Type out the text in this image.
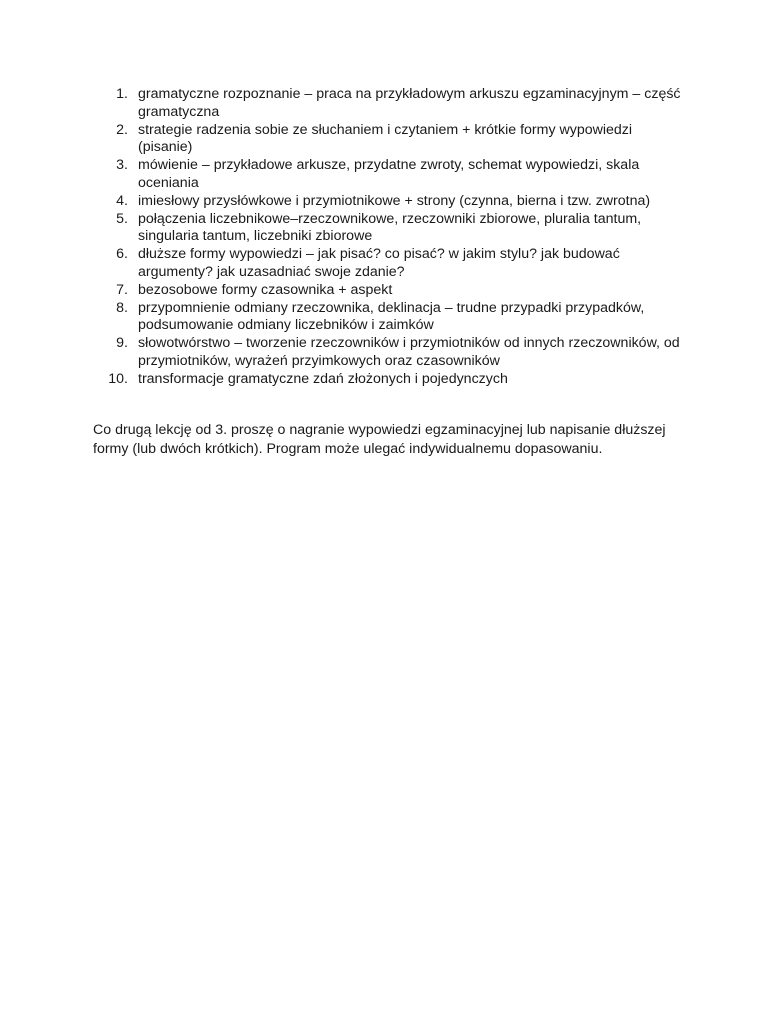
1. gramatyczne rozpoznanie – praca na przykładowym arkuszu egzaminacyjnym – część gramatyczna
2. strategie radzenia sobie ze słuchaniem i czytaniem + krótkie formy wypowiedzi (pisanie)
3. mówienie – przykładowe arkusze, przydatne zwroty, schemat wypowiedzi, skala oceniania
4. imiesłowy przysłówkowe i przymiotnikowe + strony (czynna, bierna i tzw. zwrotna)
5. połączenia liczebnikowe–rzeczownikowe, rzeczowniki zbiorowe, pluralia tantum, singularia tantum, liczebniki zbiorowe
6. dłuższe formy wypowiedzi – jak pisać? co pisać? w jakim stylu? jak budować argumenty? jak uzasadniać swoje zdanie?
7. bezosobowe formy czasownika + aspekt
8. przypomnienie odmiany rzeczownika, deklinacja – trudne przypadki przypadków, podsumowanie odmiany liczebników i zaimków
9. słowotwórstwo – tworzenie rzeczowników i przymiotników od innych rzeczowników, od przymiotników, wyrażeń przyimkowych oraz czasowników
10. transformacje gramatyczne zdań złożonych i pojedynczych

Co drugą lekcję od 3. proszę o nagranie wypowiedzi egzaminacyjnej lub napisanie dłuższej formy (lub dwóch krótkich). Program może ulegać indywidualnemu dopasowaniu.
